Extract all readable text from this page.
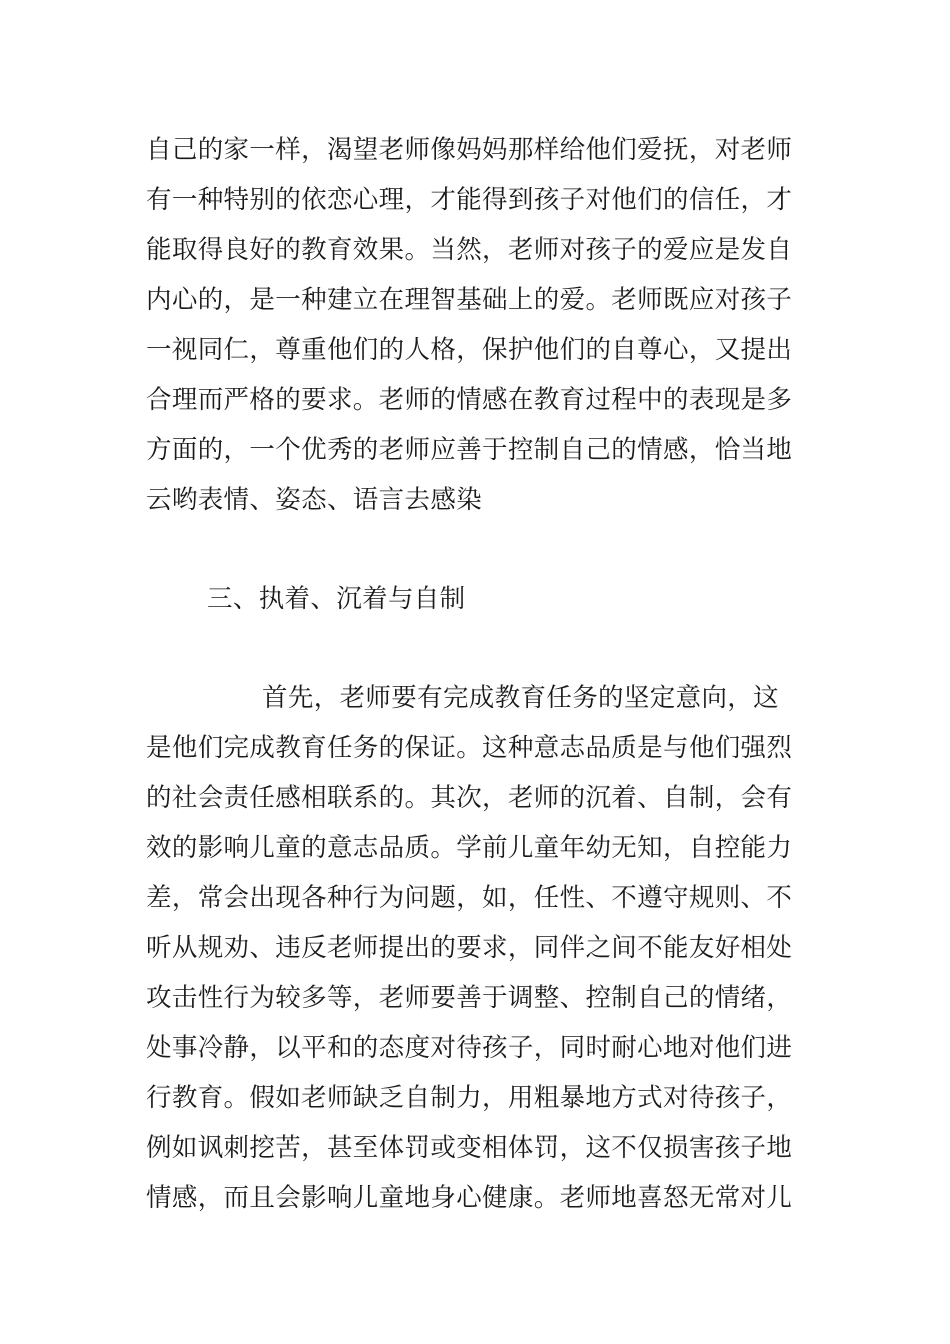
自己的家一样，渴望老师像妈妈那样给他们爱抚，对老师
有一种特别的依恋心理，才能得到孩子对他们的信任，才
能取得良好的教育效果。当然，老师对孩子的爱应是发自
内心的，是一种建立在理智基础上的爱。老师既应对孩子
一视同仁，尊重他们的人格，保护他们的自尊心，又提出
合理而严格的要求。老师的情感在教育过程中的表现是多
方面的，一个优秀的老师应善于控制自己的情感，恰当地
云哟表情、姿态、语言去感染
三、执着、沉着与自制
首先，老师要有完成教育任务的坚定意向，这
是他们完成教育任务的保证。这种意志品质是与他们强烈
的社会责任感相联系的。其次，老师的沉着、自制，会有
效的影响儿童的意志品质。学前儿童年幼无知，自控能力
差，常会出现各种行为问题，如，任性、不遵守规则、不
听从规劝、违反老师提出的要求，同伴之间不能友好相处
攻击性行为较多等，老师要善于调整、控制自己的情绪，
处事冷静，以平和的态度对待孩子，同时耐心地对他们进
行教育。假如老师缺乏自制力，用粗暴地方式对待孩子，
例如讽刺挖苦，甚至体罚或变相体罚，这不仅损害孩子地
情感，而且会影响儿童地身心健康。老师地喜怒无常对儿
